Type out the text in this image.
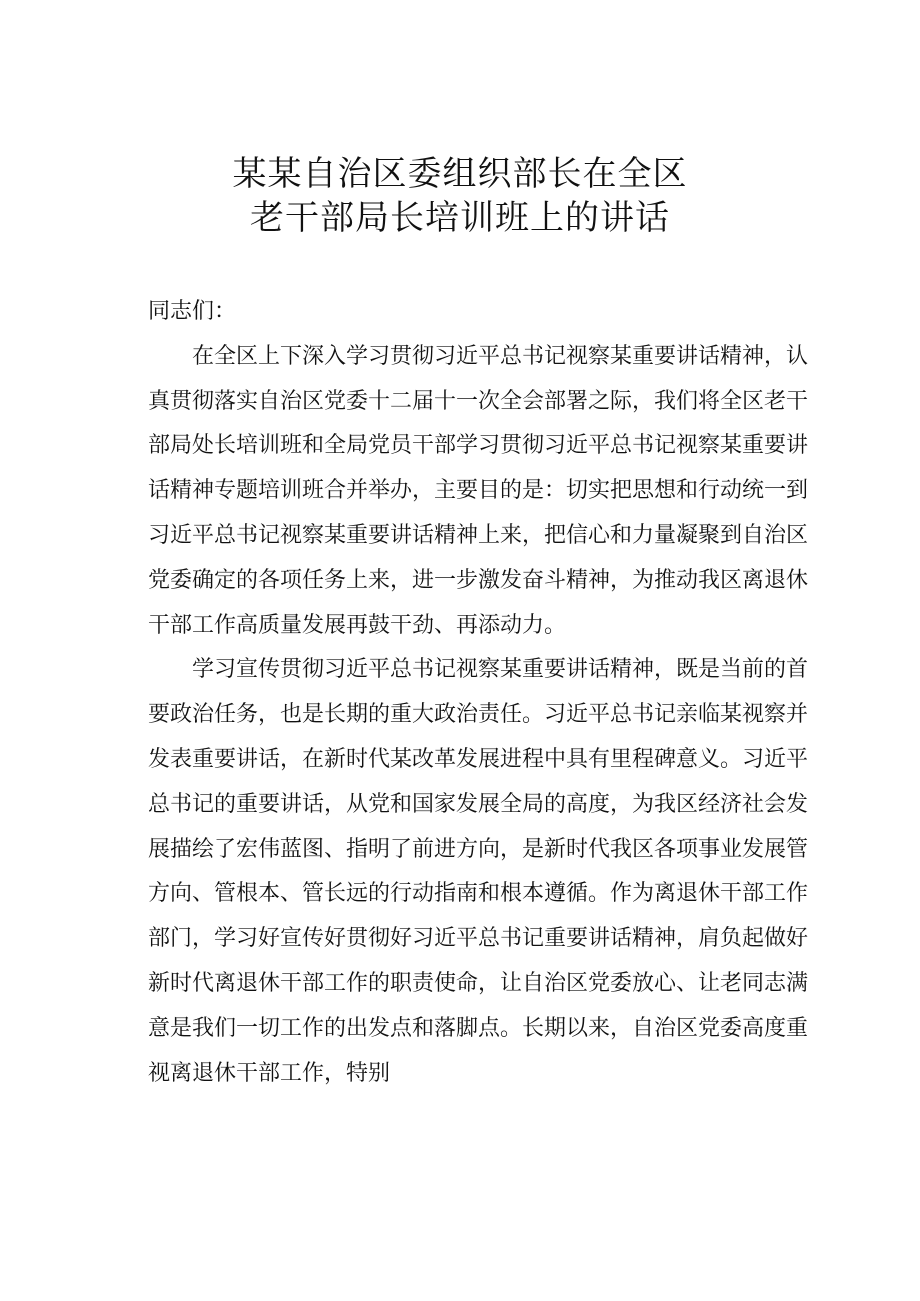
某某自治区委组织部长在全区
老干部局长培训班上的讲话

同志们：

在全区上下深入学习贯彻习近平总书记视察某重要讲话精神，认真贯彻落实自治区党委十二届十一次全会部署之际，我们将全区老干部局处长培训班和全局党员干部学习贯彻习近平总书记视察某重要讲话精神专题培训班合并举办，主要目的是：切实把思想和行动统一到习近平总书记视察某重要讲话精神上来，把信心和力量凝聚到自治区党委确定的各项任务上来，进一步激发奋斗精神，为推动我区离退休干部工作高质量发展再鼓干劲、再添动力。

学习宣传贯彻习近平总书记视察某重要讲话精神，既是当前的首要政治任务，也是长期的重大政治责任。习近平总书记亲临某视察并发表重要讲话，在新时代某改革发展进程中具有里程碑意义。习近平总书记的重要讲话，从党和国家发展全局的高度，为我区经济社会发展描绘了宏伟蓝图、指明了前进方向，是新时代我区各项事业发展管方向、管根本、管长远的行动指南和根本遵循。作为离退休干部工作部门，学习好宣传好贯彻好习近平总书记重要讲话精神，肩负起做好新时代离退休干部工作的职责使命，让自治区党委放心、让老同志满意是我们一切工作的出发点和落脚点。长期以来，自治区党委高度重视离退休干部工作，特别
